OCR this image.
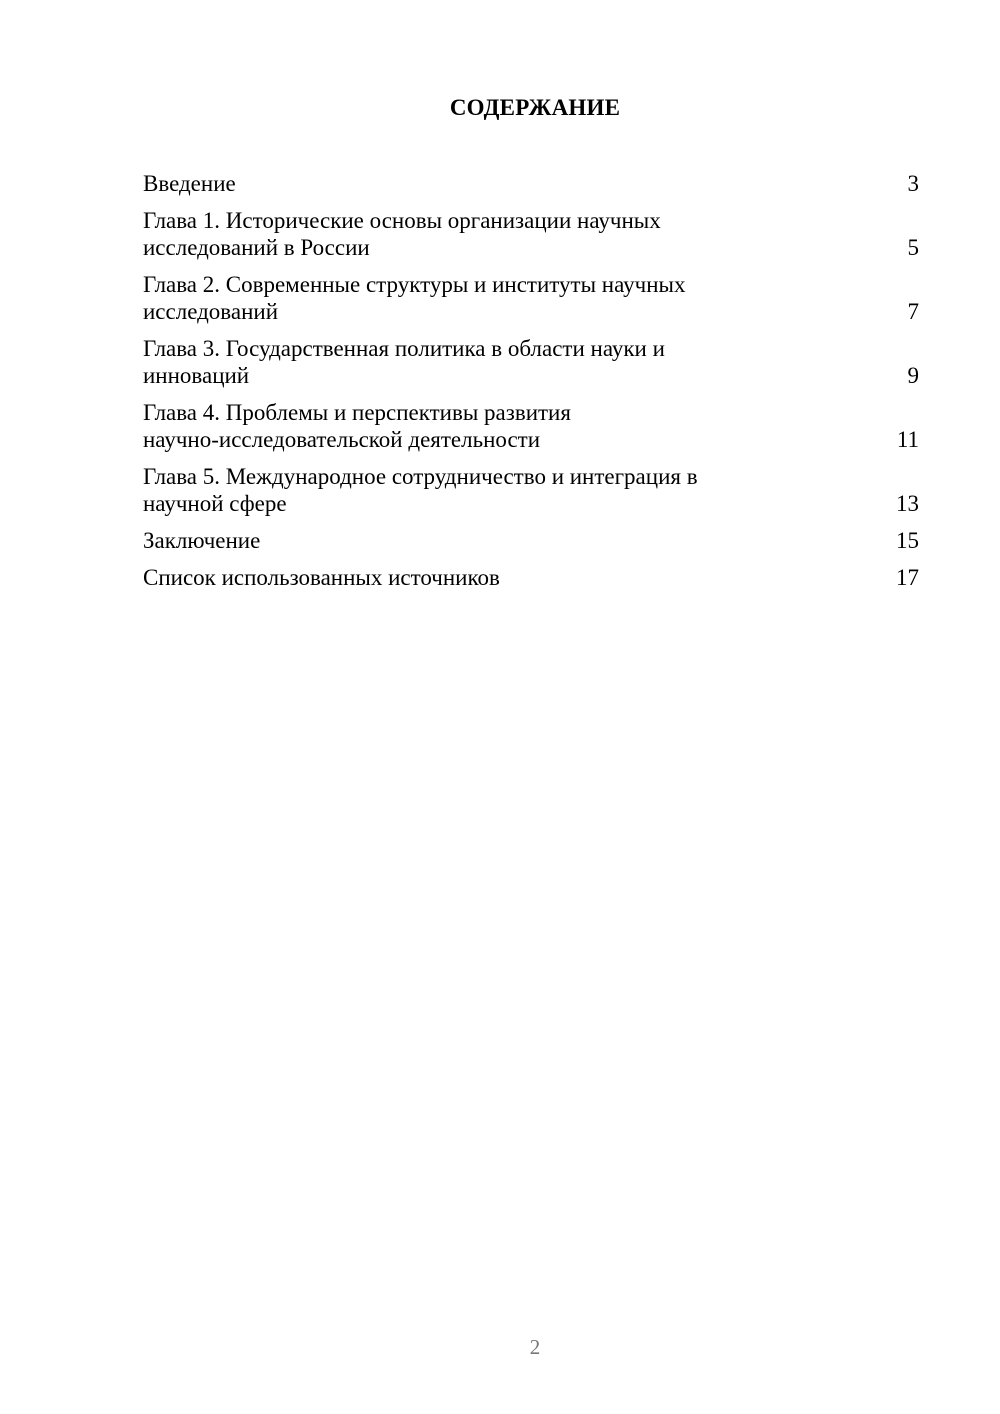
СОДЕРЖАНИЕ
Введение	3
Глава 1. Исторические основы организации научных
исследований в России	5
Глава 2. Современные структуры и институты научных
исследований	7
Глава 3. Государственная политика в области науки и
инноваций	9
Глава 4. Проблемы и перспективы развития
научно-исследовательской деятельности	11
Глава 5. Международное сотрудничество и интеграция в
научной сфере	13
Заключение	15
Список использованных источников	17
2
